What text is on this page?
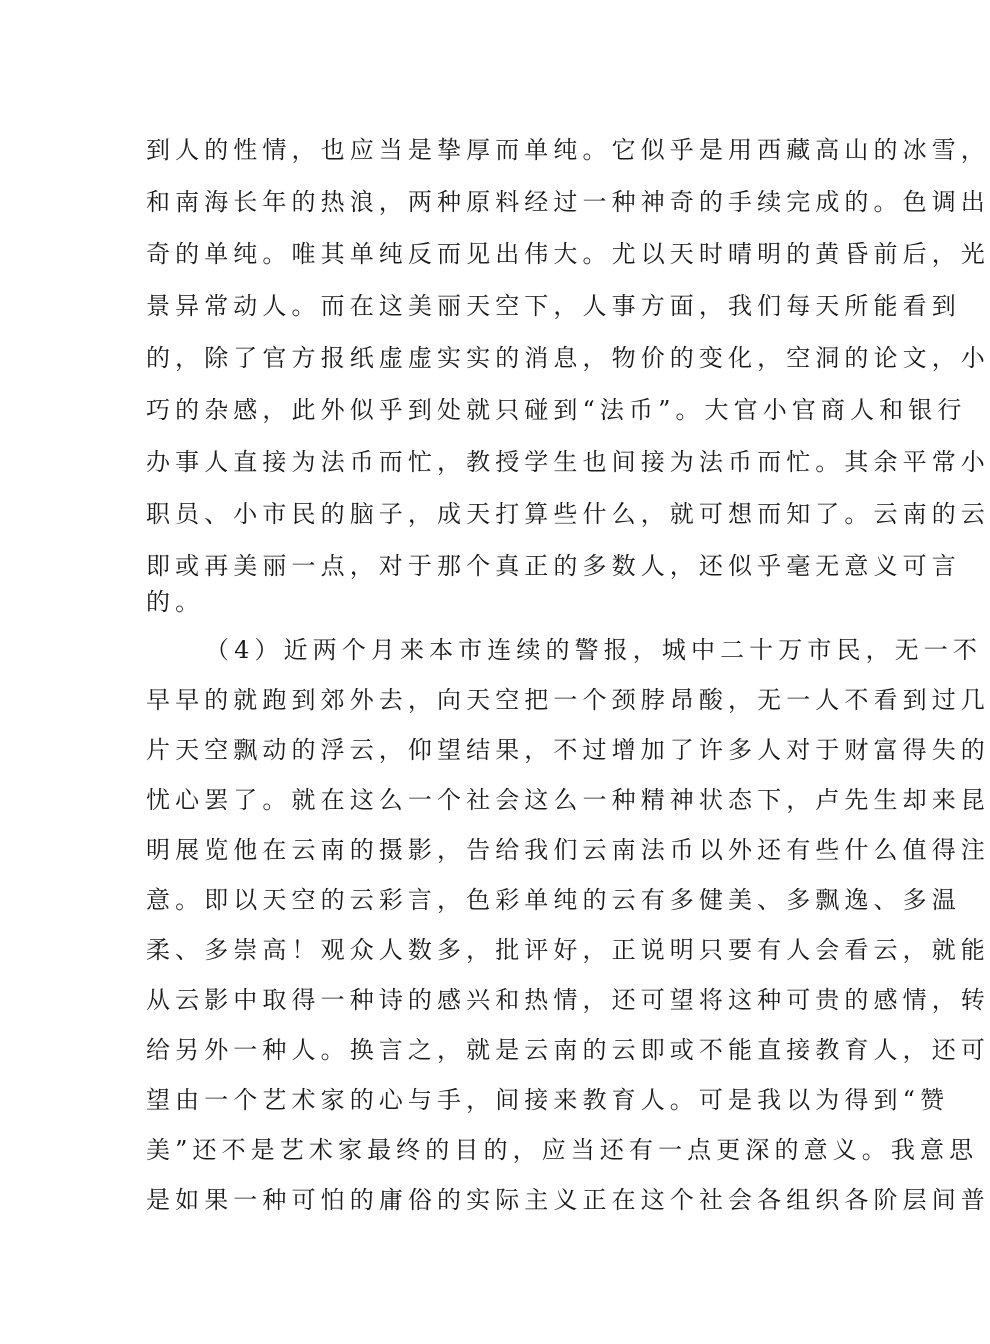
到人的性情，也应当是挚厚而单纯。它似乎是用西藏高山的冰雪，
和南海长年的热浪，两种原料经过一种神奇的手续完成的。色调出
奇的单纯。唯其单纯反而见出伟大。尤以天时晴明的黄昏前后，光
景异常动人。而在这美丽天空下，人事方面，我们每天所能看到
的，除了官方报纸虚虚实实的消息，物价的变化，空洞的论文，小
巧的杂感，此外似乎到处就只碰到“法币”。大官小官商人和银行
办事人直接为法币而忙，教授学生也间接为法币而忙。其余平常小
职员、小市民的脑子，成天打算些什么，就可想而知了。云南的云
即或再美丽一点，对于那个真正的多数人，还似乎毫无意义可言
的。
（4）近两个月来本市连续的警报，城中二十万市民，无一不
早早的就跑到郊外去，向天空把一个颈脖昂酸，无一人不看到过几
片天空飘动的浮云，仰望结果，不过增加了许多人对于财富得失的
忧心罢了。就在这么一个社会这么一种精神状态下，卢先生却来昆
明展览他在云南的摄影，告给我们云南法币以外还有些什么值得注
意。即以天空的云彩言，色彩单纯的云有多健美、多飘逸、多温
柔、多崇高！观众人数多，批评好，正说明只要有人会看云，就能
从云影中取得一种诗的感兴和热情，还可望将这种可贵的感情，转
给另外一种人。换言之，就是云南的云即或不能直接教育人，还可
望由一个艺术家的心与手，间接来教育人。可是我以为得到“赞
美”还不是艺术家最终的目的，应当还有一点更深的意义。我意思
是如果一种可怕的庸俗的实际主义正在这个社会各组织各阶层间普
